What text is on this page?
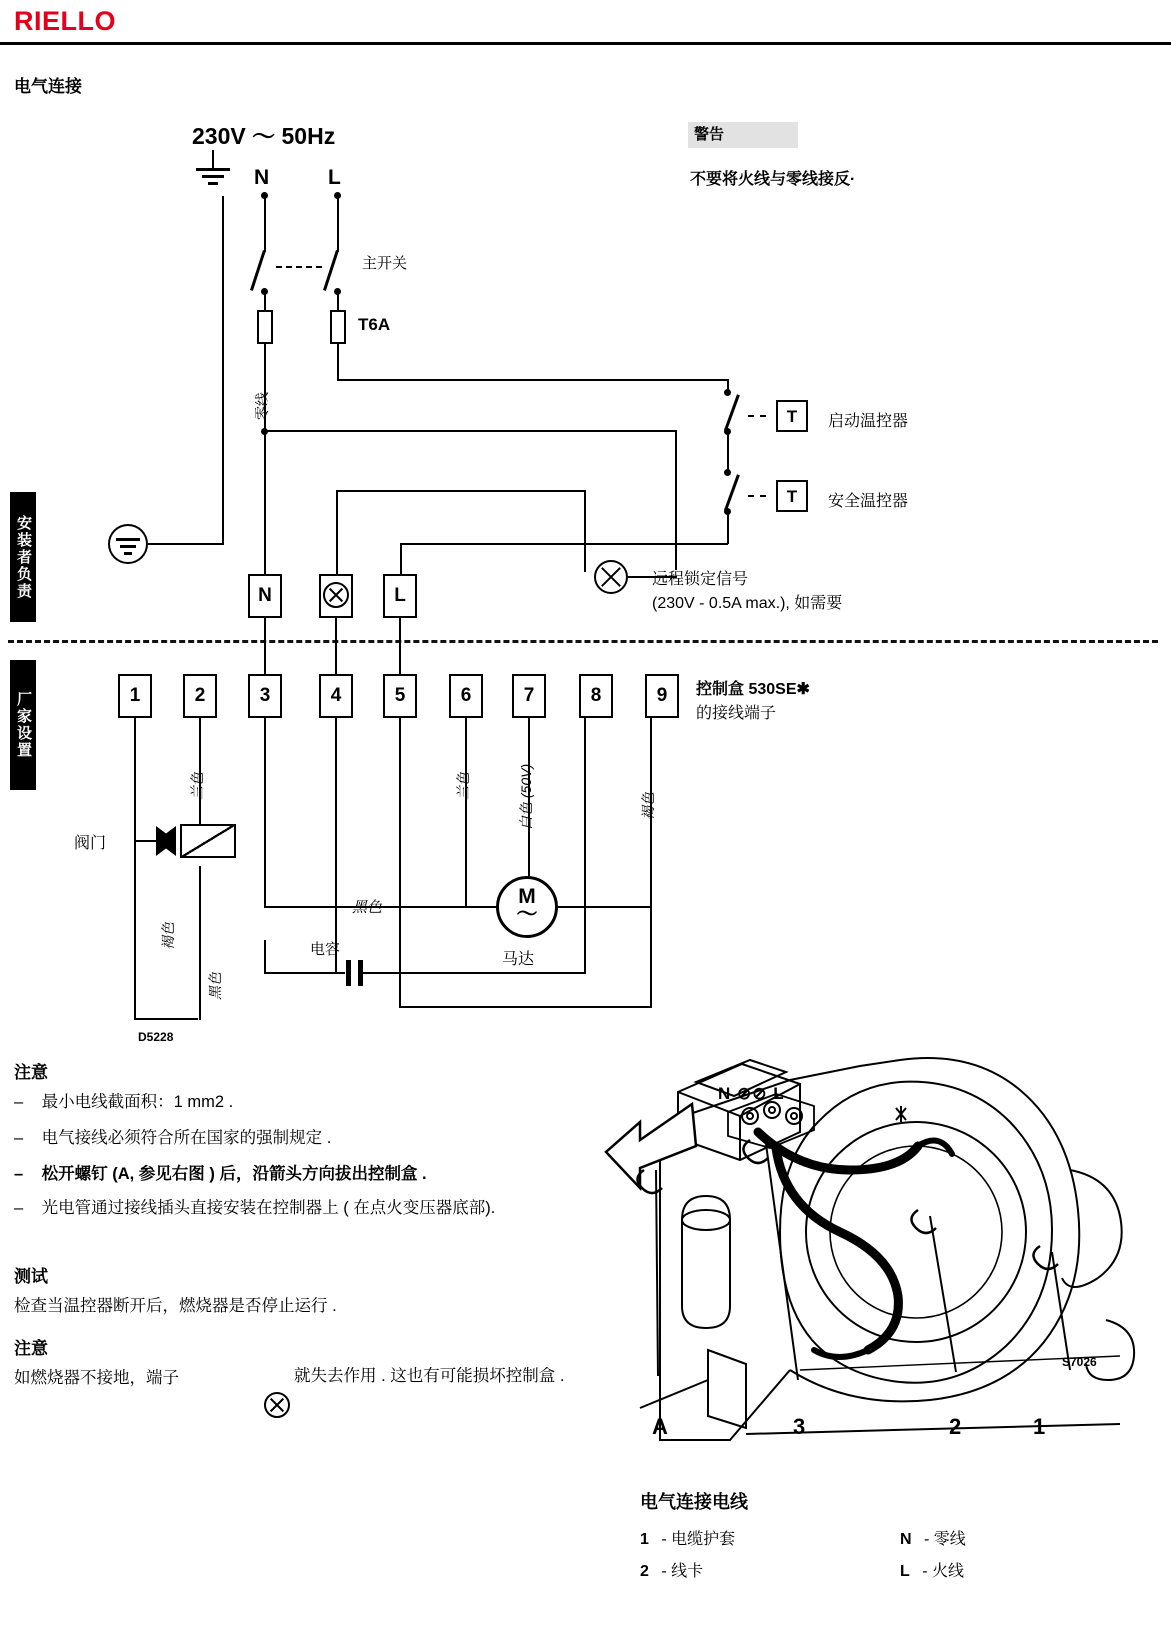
RIELLO
电气连接
安装者负责
厂家设置
警告
不要将火线与零线接反·
230V ～ 50Hz
N	L
主开关
T6A
零线	T	启动温控器
T	安全温控器
远程锁定信号
(230V - 0.5A max.), 如需要
N	L
1	2	3	4	5	6	7	8	9	控制盒 530SE✱
的接线端子
褐色
兰色
黑色
阀门
黑色
电容
兰色	白色 (50V)	褐色
M
～
马达
D5228
注意
– 最小电线截面积：1 mm2 .
– 电气接线必须符合所在国家的强制规定 .
– 松开螺钉 (A, 参见右图 ) 后，沿箭头方向拔出控制盒 .
– 光电管通过接线插头直接安装在控制器上 ( 在点火变压器底部).
测试
检查当温控器断开后，燃烧器是否停止运行 .
注意
如燃烧器不接地，端子	就失去作用 . 这也有可能损坏控制盒 .
N ⊘⊘ L
A	3	2	1
S7026
电气连接电线
1 - 电缆护套
2 - 线卡
N - 零线
L - 火线
